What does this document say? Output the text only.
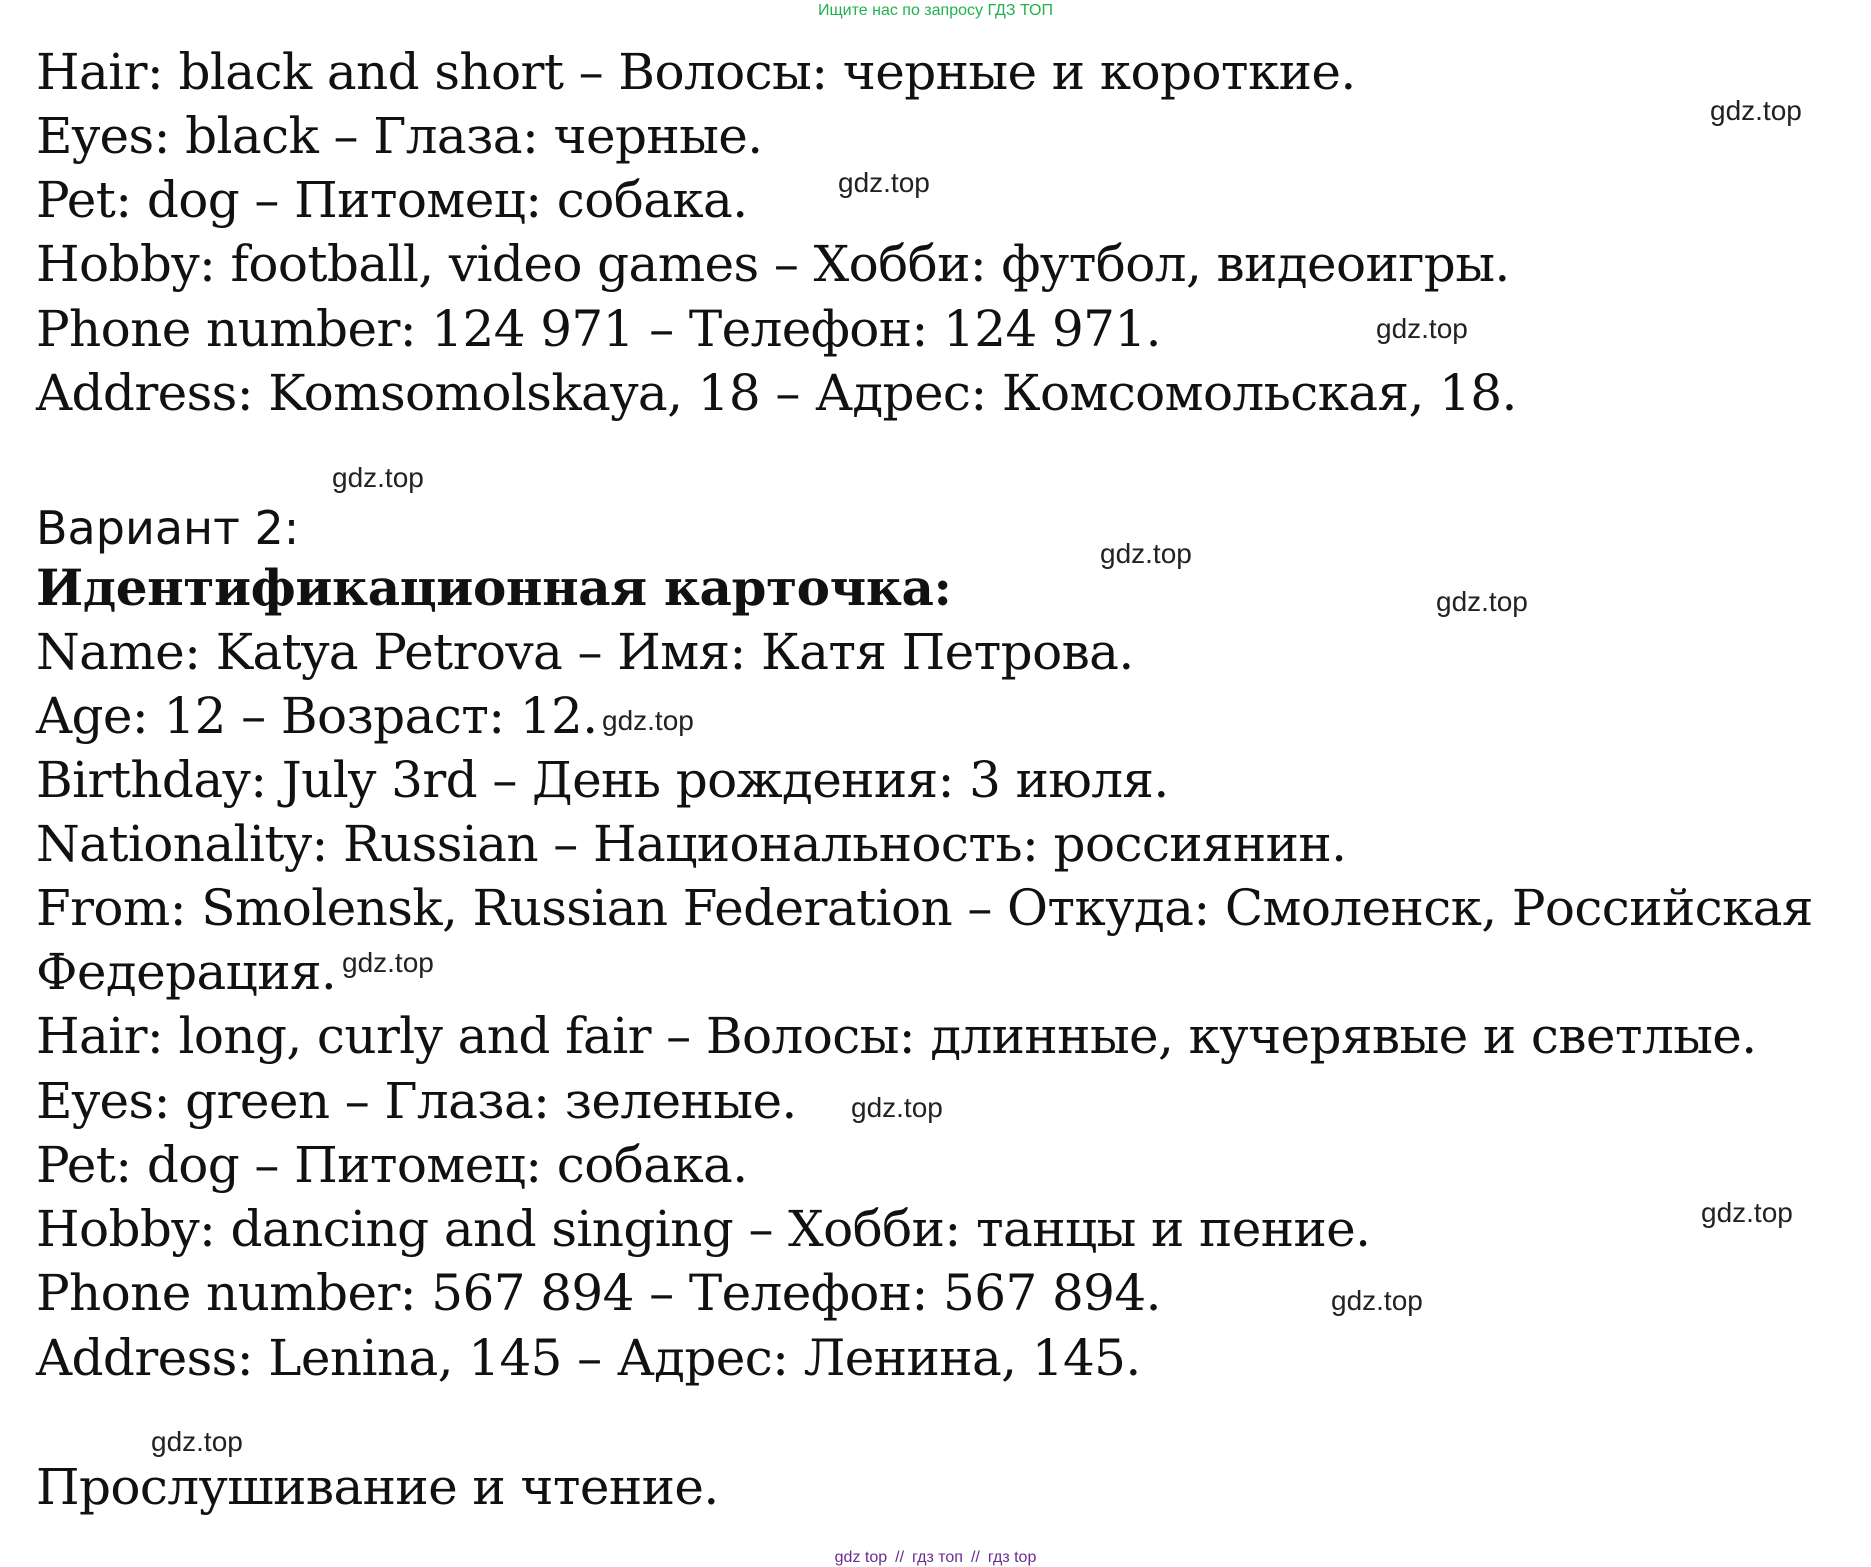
Ищите нас по запросу ГДЗ ТОП

Hair: black and short – Волосы: черные и короткие.

Eyes: black – Глаза: черные.

Pet: dog – Питомец: собака.

Hobby: football, video games – Хобби: футбол, видеоигры.

Phone number: 124 971 – Телефон: 124 971.

Address: Komsomolskaya, 18 – Адрес: Комсомольская, 18.

Вариант 2:

Идентификационная карточка:

Name: Katya Petrova – Имя: Катя Петрова.

Age: 12 – Возраст: 12.

Birthday: July 3rd – День рождения: 3 июля.

Nationality: Russian – Национальность: россиянин.

From: Smolensk, Russian Federation – Откуда: Смоленск, Российская

Федерация.

Hair: long, curly and fair – Волосы: длинные, кучерявые и светлые.

Eyes: green – Глаза: зеленые.

Pet: dog – Питомец: собака.

Hobby: dancing and singing – Хобби: танцы и пение.

Phone number: 567 894 – Телефон: 567 894.

Address: Lenina, 145 – Адрес: Ленина, 145.

Прослушивание и чтение.

gdz.top
gdz.top
gdz.top
gdz.top
gdz.top
gdz.top
gdz.top
gdz.top
gdz.top
gdz.top
gdz.top
gdz.top
gdz top // гдз топ // гдз top
